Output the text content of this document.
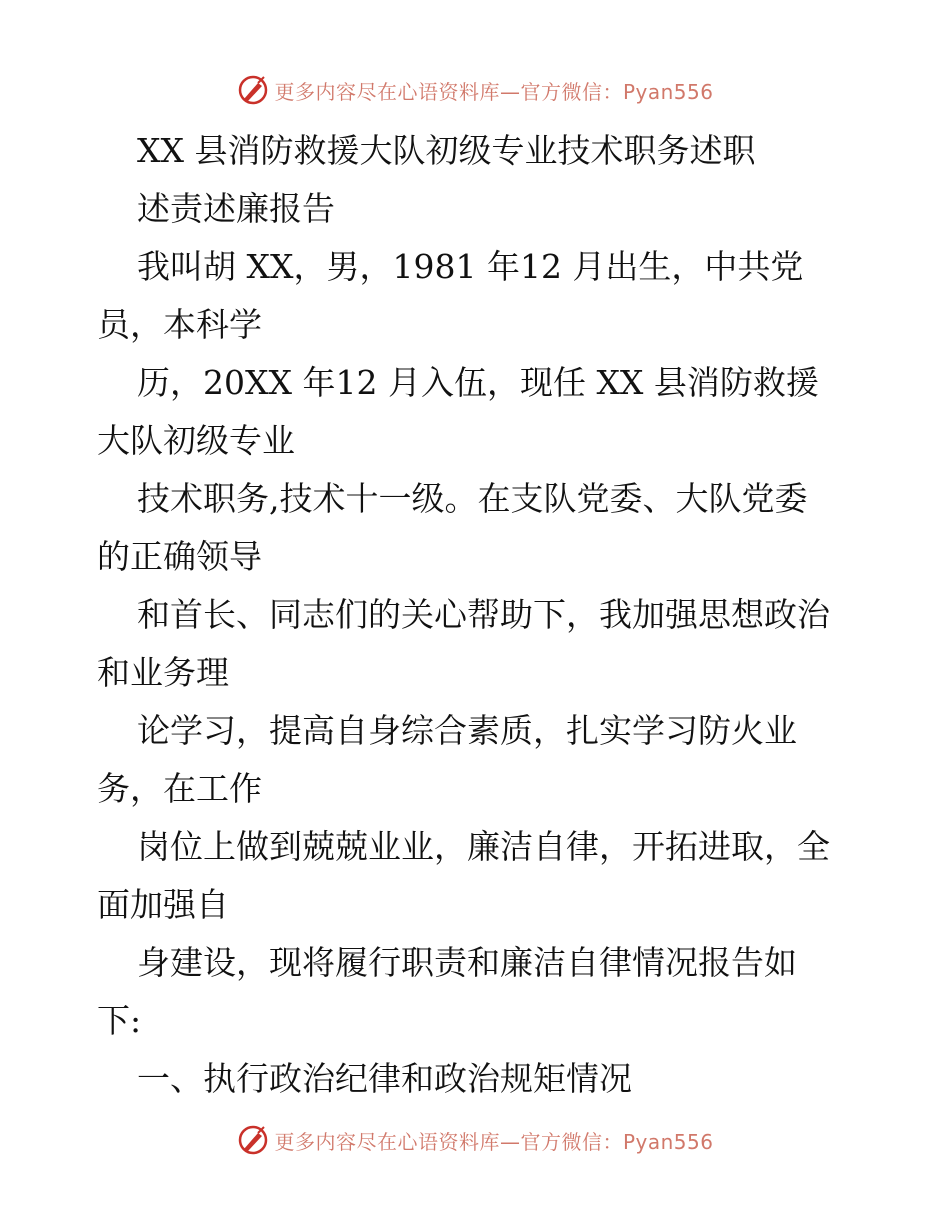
更多内容尽在心语资料库—官方微信：Pyan556
XX 县消防救援大队初级专业技术职务述职
述责述廉报告
我叫胡 XX，男，1981 年12 月出生，中共党
员，本科学
历，20XX 年12 月入伍，现任 XX 县消防救援
大队初级专业
技术职务,技术十一级。在支队党委、大队党委
的正确领导
和首长、同志们的关心帮助下，我加强思想政治
和业务理
论学习，提高自身综合素质，扎实学习防火业
务，在工作
岗位上做到兢兢业业，廉洁自律，开拓进取，全
面加强自
身建设，现将履行职责和廉洁自律情况报告如
下:
一、执行政治纪律和政治规矩情况
更多内容尽在心语资料库—官方微信：Pyan556
